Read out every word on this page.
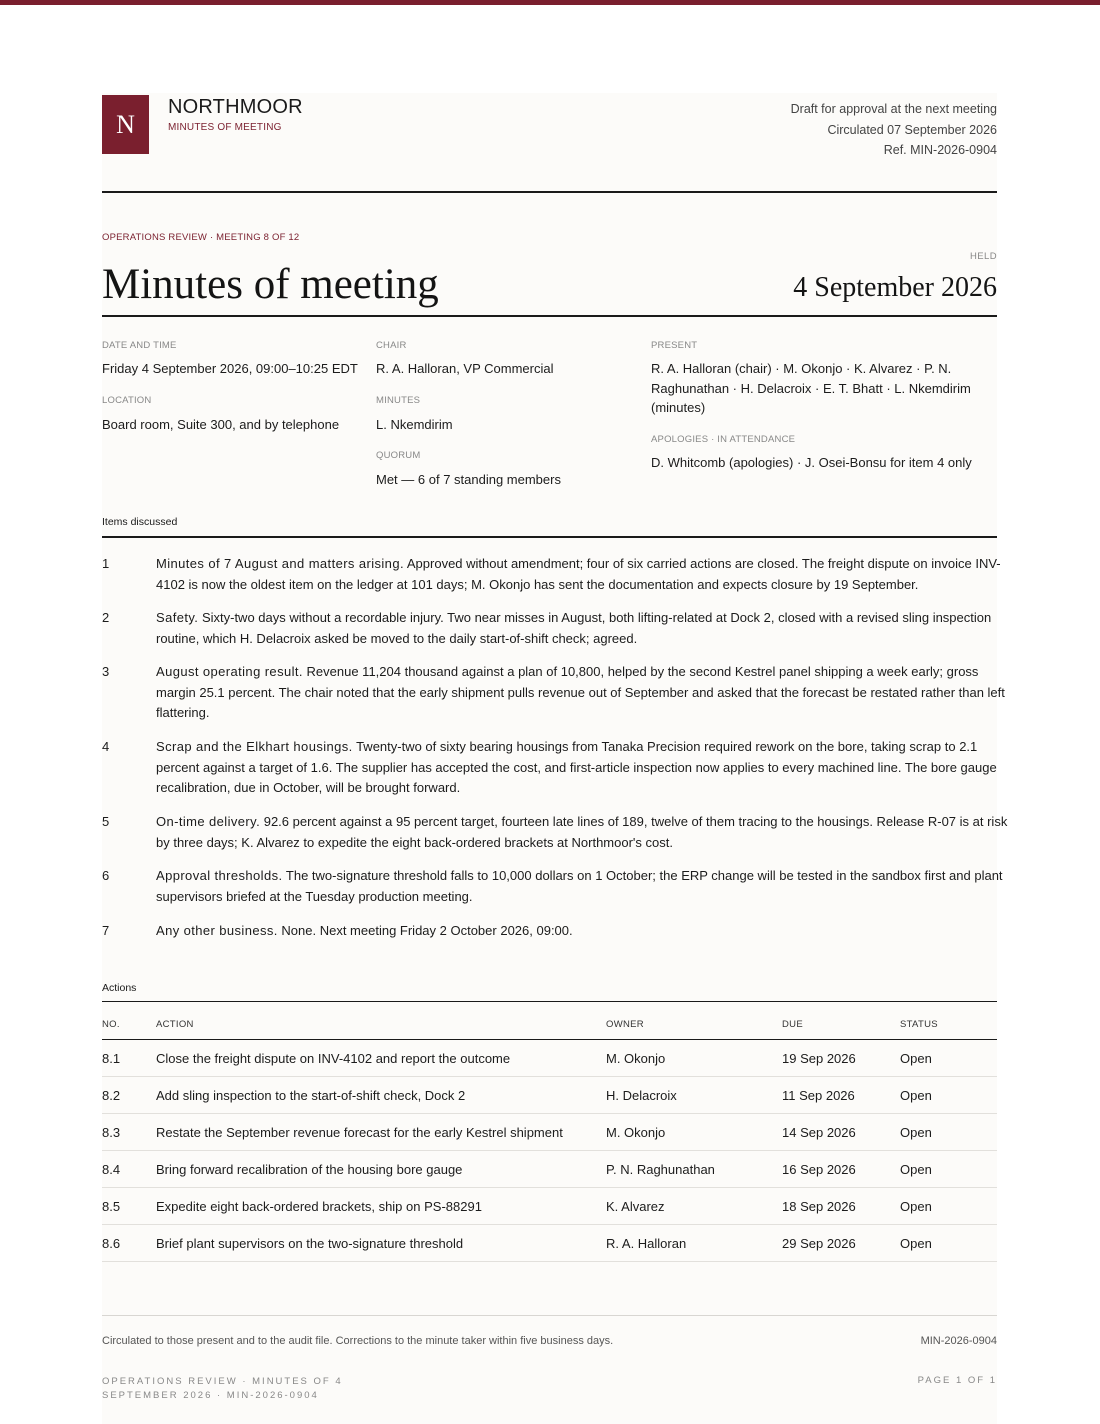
N
NORTHMOOR
MINUTES OF MEETING
Draft for approval at the next meeting
Circulated 07 September 2026
Ref. MIN-2026-0904
OPERATIONS REVIEW · MEETING 8 OF 12
HELD
Minutes of meeting	4 September 2026
DATE AND TIME
Friday 4 September 2026, 09:00–10:25 EDT
LOCATION
Board room, Suite 300, and by telephone
CHAIR
R. A. Halloran, VP Commercial
MINUTES
L. Nkemdirim
QUORUM
Met — 6 of 7 standing members
PRESENT
R. A. Halloran (chair) · M. Okonjo · K. Alvarez · P. N. Raghunathan · H. Delacroix · E. T. Bhatt · L. Nkemdirim (minutes)
APOLOGIES · IN ATTENDANCE
D. Whitcomb (apologies) · J. Osei-Bonsu for item 4 only
Items discussed
1	Minutes of 7 August and matters arising. Approved without amendment; four of six carried actions are closed. The freight dispute on invoice INV-4102 is now the oldest item on the ledger at 101 days; M. Okonjo has sent the documentation and expects closure by 19 September.
2	Safety. Sixty-two days without a recordable injury. Two near misses in August, both lifting-related at Dock 2, closed with a revised sling inspection routine, which H. Delacroix asked be moved to the daily start-of-shift check; agreed.
3	August operating result. Revenue 11,204 thousand against a plan of 10,800, helped by the second Kestrel panel shipping a week early; gross margin 25.1 percent. The chair noted that the early shipment pulls revenue out of September and asked that the forecast be restated rather than left flattering.
4	Scrap and the Elkhart housings. Twenty-two of sixty bearing housings from Tanaka Precision required rework on the bore, taking scrap to 2.1 percent against a target of 1.6. The supplier has accepted the cost, and first-article inspection now applies to every machined line. The bore gauge recalibration, due in October, will be brought forward.
5	On-time delivery. 92.6 percent against a 95 percent target, fourteen late lines of 189, twelve of them tracing to the housings. Release R-07 is at risk by three days; K. Alvarez to expedite the eight back-ordered brackets at Northmoor's cost.
6	Approval thresholds. The two-signature threshold falls to 10,000 dollars on 1 October; the ERP change will be tested in the sandbox first and plant supervisors briefed at the Tuesday production meeting.
7	Any other business. None. Next meeting Friday 2 October 2026, 09:00.
Actions
NO.	ACTION	OWNER	DUE	STATUS
8.1	Close the freight dispute on INV-4102 and report the outcome	M. Okonjo	19 Sep 2026	Open
8.2	Add sling inspection to the start-of-shift check, Dock 2	H. Delacroix	11 Sep 2026	Open
8.3	Restate the September revenue forecast for the early Kestrel shipment	M. Okonjo	14 Sep 2026	Open
8.4	Bring forward recalibration of the housing bore gauge	P. N. Raghunathan	16 Sep 2026	Open
8.5	Expedite eight back-ordered brackets, ship on PS-88291	K. Alvarez	18 Sep 2026	Open
8.6	Brief plant supervisors on the two-signature threshold	R. A. Halloran	29 Sep 2026	Open
Circulated to those present and to the audit file. Corrections to the minute taker within five business days.	MIN-2026-0904
OPERATIONS REVIEW · MINUTES OF 4 SEPTEMBER 2026 · MIN-2026-0904
PAGE 1 OF 1
